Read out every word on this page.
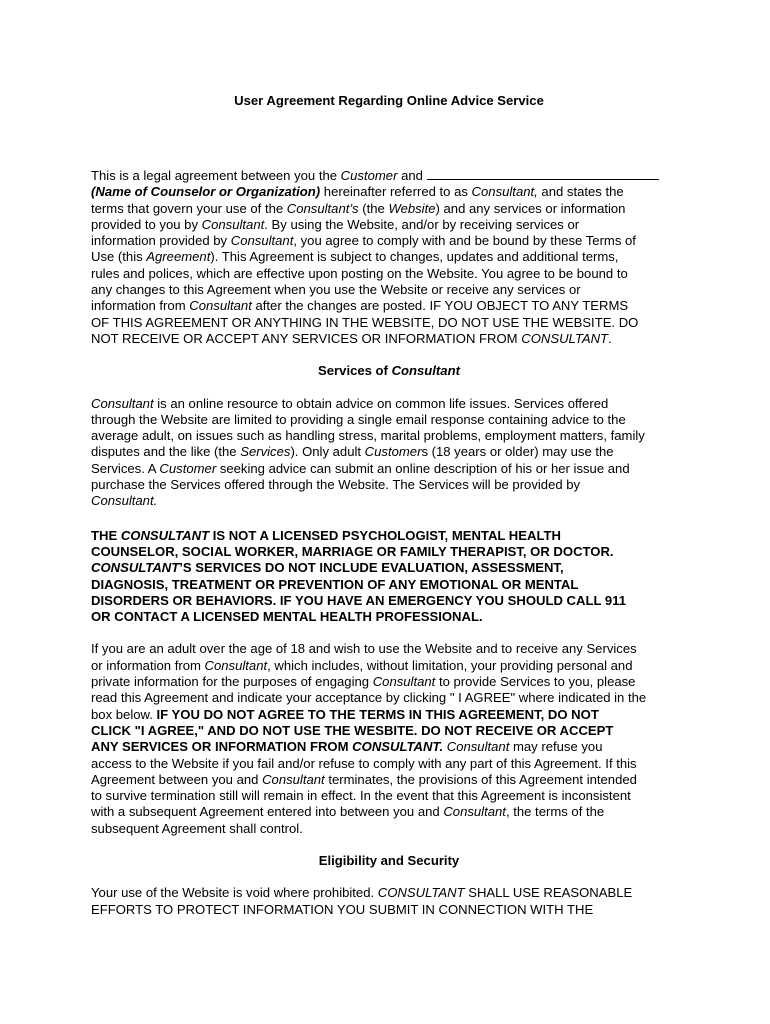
User Agreement Regarding Online Advice Service

This is a legal agreement between you the Customer and
(Name of Counselor or Organization) hereinafter referred to as Consultant, and states the
terms that govern your use of the Consultant’s (the Website) and any services or information
provided to you by Consultant. By using the Website, and/or by receiving services or
information provided by Consultant, you agree to comply with and be bound by these Terms of
Use (this Agreement). This Agreement is subject to changes, updates and additional terms,
rules and polices, which are effective upon posting on the Website. You agree to be bound to
any changes to this Agreement when you use the Website or receive any services or
information from Consultant after the changes are posted. IF YOU OBJECT TO ANY TERMS
OF THIS AGREEMENT OR ANYTHING IN THE WEBSITE, DO NOT USE THE WEBSITE. DO
NOT RECEIVE OR ACCEPT ANY SERVICES OR INFORMATION FROM CONSULTANT.

Services of Consultant

Consultant is an online resource to obtain advice on common life issues. Services offered
through the Website are limited to providing a single email response containing advice to the
average adult, on issues such as handling stress, marital problems, employment matters, family
disputes and the like (the Services). Only adult Customers (18 years or older) may use the
Services. A Customer seeking advice can submit an online description of his or her issue and
purchase the Services offered through the Website. The Services will be provided by
Consultant.

THE CONSULTANT IS NOT A LICENSED PSYCHOLOGIST, MENTAL HEALTH
COUNSELOR, SOCIAL WORKER, MARRIAGE OR FAMILY THERAPIST, OR DOCTOR.
CONSULTANT’S SERVICES DO NOT INCLUDE EVALUATION, ASSESSMENT,
DIAGNOSIS, TREATMENT OR PREVENTION OF ANY EMOTIONAL OR MENTAL
DISORDERS OR BEHAVIORS. IF YOU HAVE AN EMERGENCY YOU SHOULD CALL 911
OR CONTACT A LICENSED MENTAL HEALTH PROFESSIONAL.

If you are an adult over the age of 18 and wish to use the Website and to receive any Services
or information from Consultant, which includes, without limitation, your providing personal and
private information for the purposes of engaging Consultant to provide Services to you, please
read this Agreement and indicate your acceptance by clicking " I AGREE" where indicated in the
box below. IF YOU DO NOT AGREE TO THE TERMS IN THIS AGREEMENT, DO NOT
CLICK "I AGREE," AND DO NOT USE THE WESBITE. DO NOT RECEIVE OR ACCEPT
ANY SERVICES OR INFORMATION FROM CONSULTANT. Consultant may refuse you
access to the Website if you fail and/or refuse to comply with any part of this Agreement. If this
Agreement between you and Consultant terminates, the provisions of this Agreement intended
to survive termination still will remain in effect. In the event that this Agreement is inconsistent
with a subsequent Agreement entered into between you and Consultant, the terms of the
subsequent Agreement shall control.

Eligibility and Security

Your use of the Website is void where prohibited. CONSULTANT SHALL USE REASONABLE
EFFORTS TO PROTECT INFORMATION YOU SUBMIT IN CONNECTION WITH THE
